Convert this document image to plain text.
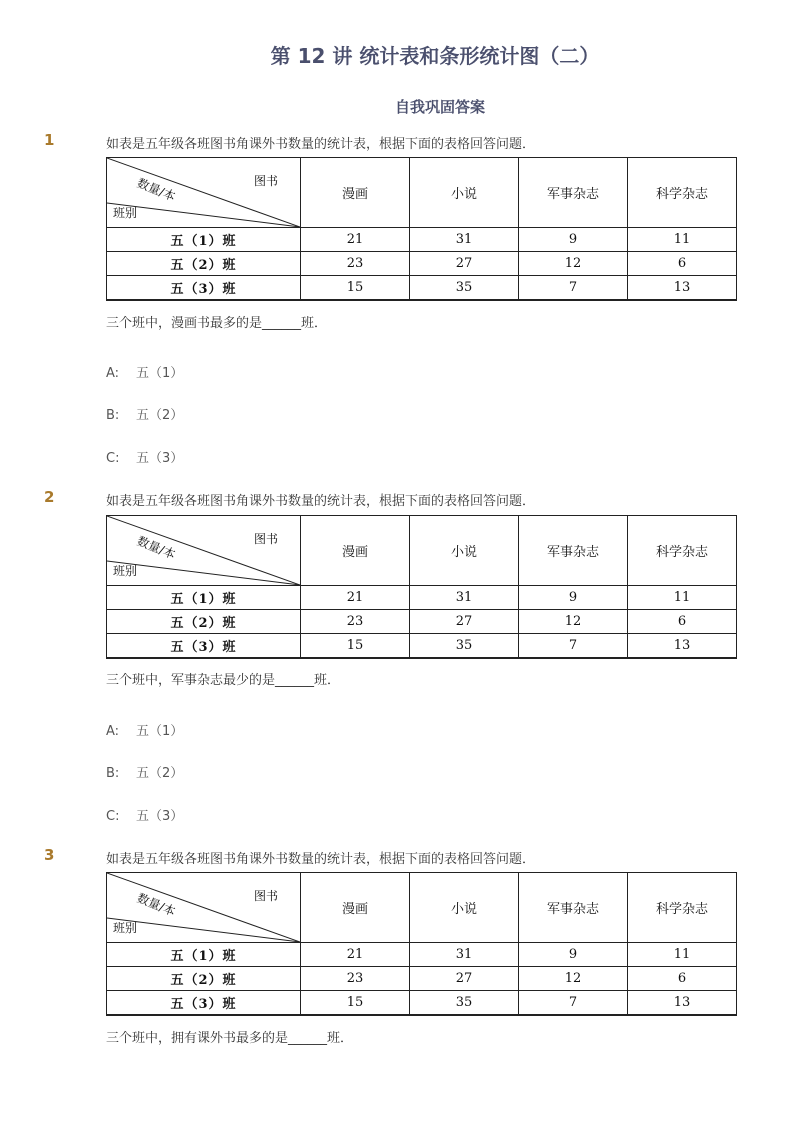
第 12 讲 统计表和条形统计图（二）
自我巩固答案
1	如表是五年级各班图书角课外书数量的统计表，根据下面的表格回答问题．
图书
数量/本
班别	漫画	小说	军事杂志	科学杂志
五（1）班	21	31	9	11
五（2）班	23	27	12	6
五（3）班	15	35	7	13
三个班中，漫画书最多的是______班．
A: 五（1）
B: 五（2）
C: 五（3）
2	如表是五年级各班图书角课外书数量的统计表，根据下面的表格回答问题．
图书
数量/本
班别	漫画	小说	军事杂志	科学杂志
五（1）班	21	31	9	11
五（2）班	23	27	12	6
五（3）班	15	35	7	13
三个班中，军事杂志最少的是______班．
A: 五（1）
B: 五（2）
C: 五（3）
3	如表是五年级各班图书角课外书数量的统计表，根据下面的表格回答问题．
图书
数量/本
班别	漫画	小说	军事杂志	科学杂志
五（1）班	21	31	9	11
五（2）班	23	27	12	6
五（3）班	15	35	7	13
三个班中，拥有课外书最多的是______班．
